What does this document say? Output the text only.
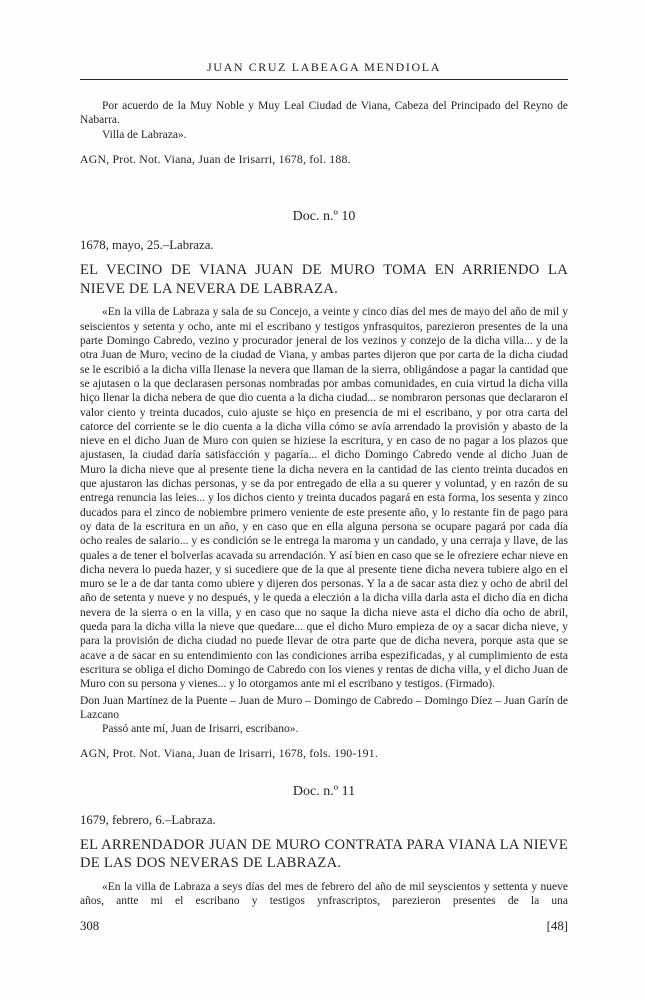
JUAN CRUZ LABEAGA MENDIOLA

Por acuerdo de la Muy Noble y Muy Leal Ciudad de Viana, Cabeza del Principado del Reyno de Nabarra.

Villa de Labraza».

AGN, Prot. Not. Viana, Juan de Irisarri, 1678, fol. 188.

Doc. n.º 10

1678, mayo, 25.–Labraza.

EL VECINO DE VIANA JUAN DE MURO TOMA EN ARRIENDO LA NIEVE DE LA NEVERA DE LABRAZA.

«En la villa de Labraza y sala de su Concejo, a veinte y cinco días del mes de mayo del año de mil y seiscientos y setenta y ocho, ante mi el escribano y testigos ynfrasquitos, parezieron presentes de la una parte Domingo Cabredo, vezino y procurador jeneral de los vezinos y conzejo de la dicha villa... y de la otra Juan de Muro, vecino de la ciudad de Viana, y ambas partes dijeron que por carta de la dicha ciudad se le escribió a la dicha villa llenase la nevera que llaman de la sierra, obligándose a pagar la cantidad que se ajutasen o la que declarasen personas nombradas por ambas comunidades, en cuia virtud la dicha villa hiço llenar la dicha nebera de que dio cuenta a la dicha ciudad... se nombraron personas que declararon el valor ciento y treinta ducados, cuio ajuste se hiço en presencia de mi el escribano, y por otra carta del catorce del corriente se le dio cuenta a la dicha villa cómo se avía arrendado la provisión y abasto de la nieve en el dicho Juan de Muro con quien se hiziese la escritura, y en caso de no pagar a los plazos que ajustasen, la ciudad daría satisfacción y pagaría... el dicho Domingo Cabredo vende al dicho Juan de Muro la dicha nieve que al presente tiene la dicha nevera en la cantidad de las ciento treinta ducados en que ajustaron las dichas personas, y se da por entregado de ella a su querer y voluntad, y en razón de su entrega renuncia las leies... y los dichos ciento y treinta ducados pagará en esta forma, los sesenta y zinco ducados para el zinco de nobiembre primero veniente de este presente año, y lo restante fin de pago para oy data de la escritura en un año, y en caso que en ella alguna persona se ocupare pagará por cada día ocho reales de salario... y es condición se le entrega la maroma y un candado, y una cerraja y llave, de las quales a de tener el bolverlas acavada su arrendación. Y así bien en caso que se le ofreziere echar nieve en dicha nevera lo pueda hazer, y si sucediere que de la que al presente tiene dicha nevera tubiere algo en el muro se le a de dar tanta como ubiere y dijeren dos personas. Y la a de sacar asta diez y ocho de abril del año de setenta y nueve y no después, y le queda a eleczión a la dicha villa darla asta el dicho día en dicha nevera de la sierra o en la villa, y en caso que no saque la dicha nieve asta el dicho día ocho de abril, queda para la dicha villa la nieve que quedare... que el dicho Muro empieza de oy a sacar dicha nieve, y para la provisión de dicha ciudad no puede llevar de otra parte que de dicha nevera, porque asta que se acave a de sacar en su entendimiento con las condiciones arriba espezificadas, y al cumplimiento de esta escritura se obliga el dicho Domingo de Cabredo con los vienes y rentas de dicha villa, y el dicho Juan de Muro con su persona y vienes... y lo otorgamos ante mi el escribano y testigos. (Firmado).

Don Juan Martínez de la Puente – Juan de Muro – Domingo de Cabredo – Domingo Díez – Juan Garín de Lazcano

Passó ante mí, Juan de Irisarri, escribano».

AGN, Prot. Not. Viana, Juan de Irisarri, 1678, fols. 190-191.

Doc. n.º 11

1679, febrero, 6.–Labraza.

EL ARRENDADOR JUAN DE MURO CONTRATA PARA VIANA LA NIEVE DE LAS DOS NEVERAS DE LABRAZA.

«En la villa de Labraza a seys días del mes de febrero del año de mil seyscientos y settenta y nueve años, antte mi el escribano y testigos ynfrascriptos, parezieron presentes de la una

308	[48]
